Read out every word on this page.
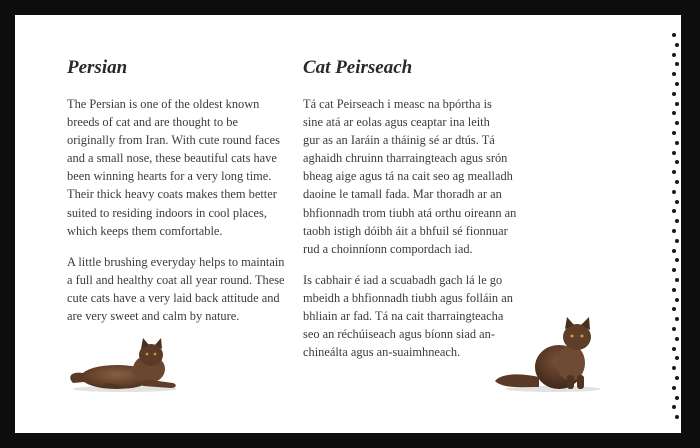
Persian

The Persian is one of the oldest known
breeds of cat and are thought to be
originally from Iran. With cute round faces
and a small nose, these beautiful cats have
been winning hearts for a very long time.
Their thick heavy coats makes them better
suited to residing indoors in cool places,
which keeps them comfortable.

A little brushing everyday helps to maintain
a full and healthy coat all year round. These
cute cats have a very laid back attitude and
are very sweet and calm by nature.

Cat Peirseach

Tá cat Peirseach i measc na bpórtha is
sine atá ar eolas agus ceaptar ina leith
gur as an Iaráin a tháinig sé ar dtús. Tá
aghaidh chruinn tharraingteach agus srón
bheag aige agus tá na cait seo ag mealladh
daoine le tamall fada. Mar thoradh ar an
bhfionnadh trom tiubh atá orthu oireann an
taobh istigh dóibh áit a bhfuil sé fionnuar
rud a choinníonn compordach iad.

Is cabhair é iad a scuabadh gach lá le go
mbeidh a bhfionnadh tiubh agus folláin an
bhliain ar fad. Tá na cait tharraingteacha
seo an réchúiseach agus bíonn siad an-
chineálta agus an-suaimhneach.
